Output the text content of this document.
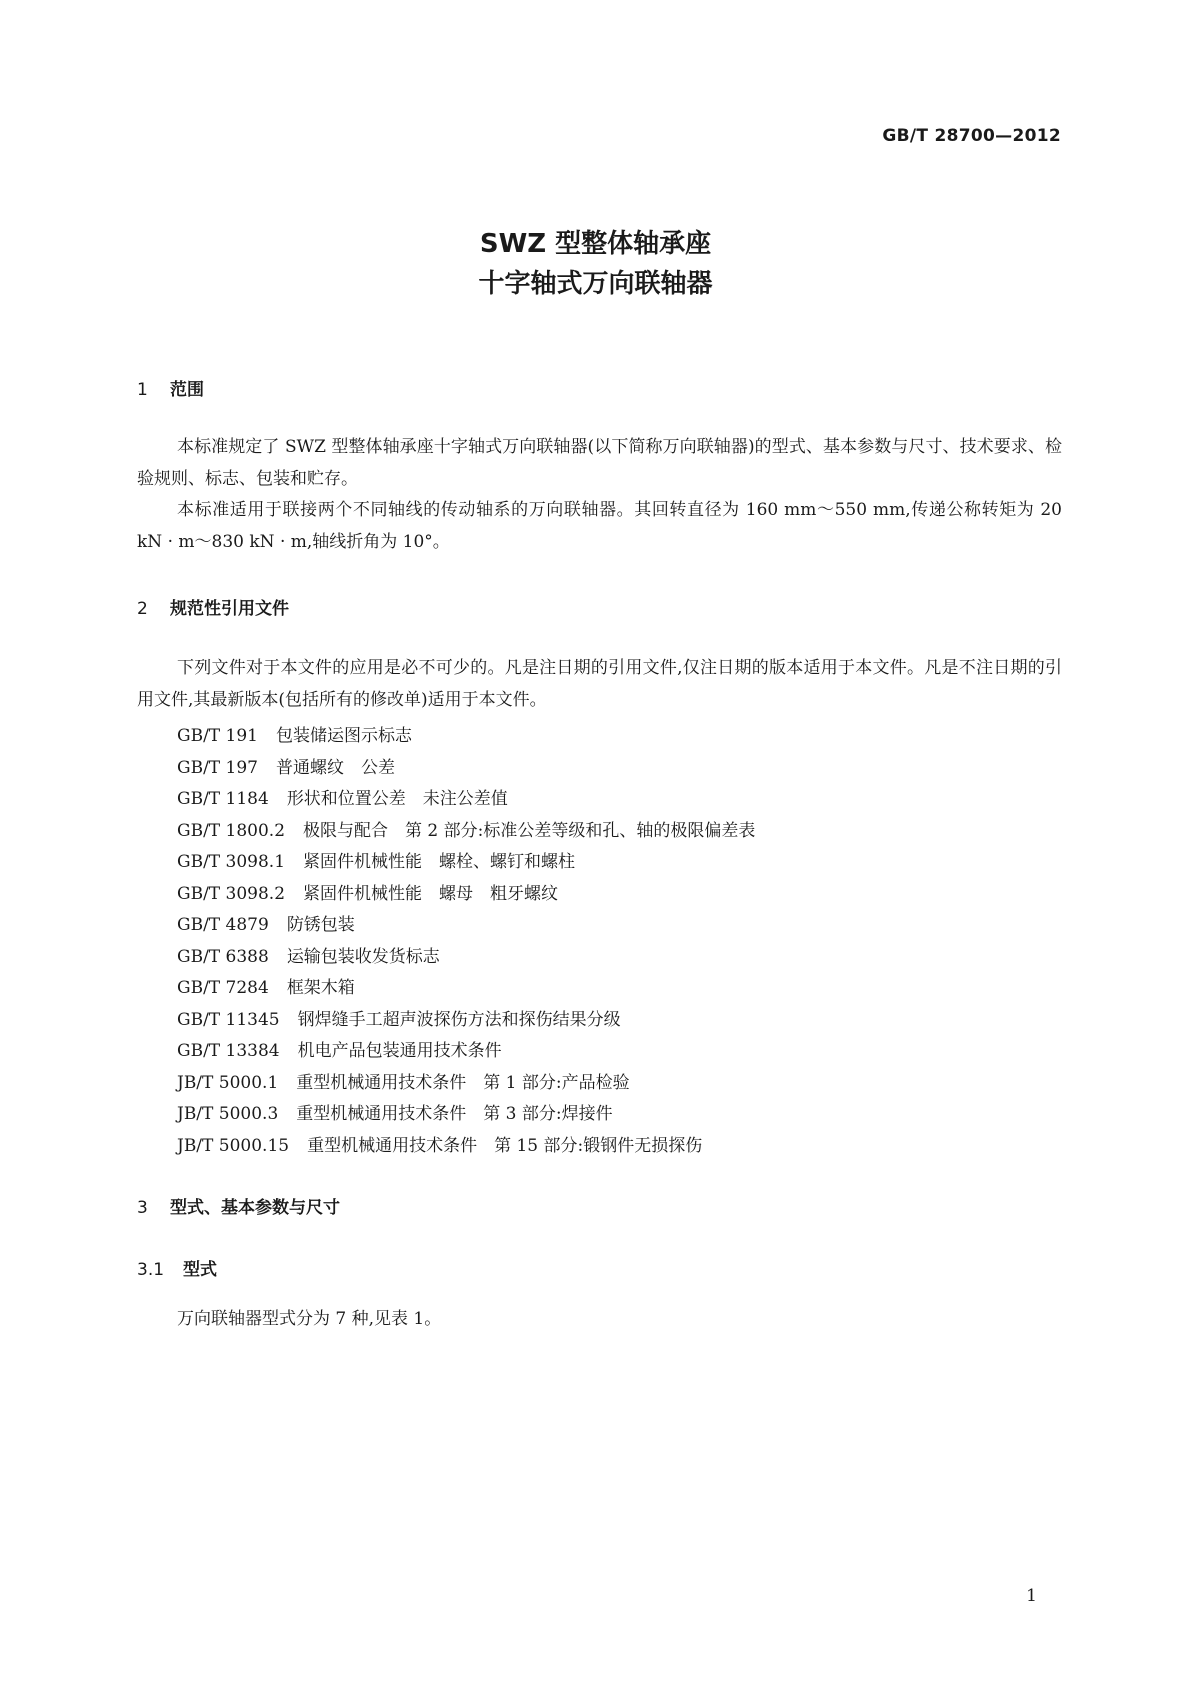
GB/T 28700—2012
SWZ 型整体轴承座
十字轴式万向联轴器
1 范围

本标准规定了 SWZ 型整体轴承座十字轴式万向联轴器(以下简称万向联轴器)的型式、基本参数与尺寸、技术要求、检验规则、标志、包装和贮存。

本标准适用于联接两个不同轴线的传动轴系的万向联轴器。其回转直径为 160 mm～550 mm,传递公称转矩为 20 kN · m～830 kN · m,轴线折角为 10°。

2 规范性引用文件

下列文件对于本文件的应用是必不可少的。凡是注日期的引用文件,仅注日期的版本适用于本文件。凡是不注日期的引用文件,其最新版本(包括所有的修改单)适用于本文件。

GB/T 191 包装储运图示标志
GB/T 197 普通螺纹　公差
GB/T 1184 形状和位置公差　未注公差值
GB/T 1800.2 极限与配合　第 2 部分:标准公差等级和孔、轴的极限偏差表
GB/T 3098.1 紧固件机械性能　螺栓、螺钉和螺柱
GB/T 3098.2 紧固件机械性能　螺母　粗牙螺纹
GB/T 4879 防锈包装
GB/T 6388 运输包装收发货标志
GB/T 7284 框架木箱
GB/T 11345 钢焊缝手工超声波探伤方法和探伤结果分级
GB/T 13384 机电产品包装通用技术条件
JB/T 5000.1 重型机械通用技术条件　第 1 部分:产品检验
JB/T 5000.3 重型机械通用技术条件　第 3 部分:焊接件
JB/T 5000.15 重型机械通用技术条件　第 15 部分:锻钢件无损探伤
3 型式、基本参数与尺寸
3.1 型式

万向联轴器型式分为 7 种,见表 1。

1
